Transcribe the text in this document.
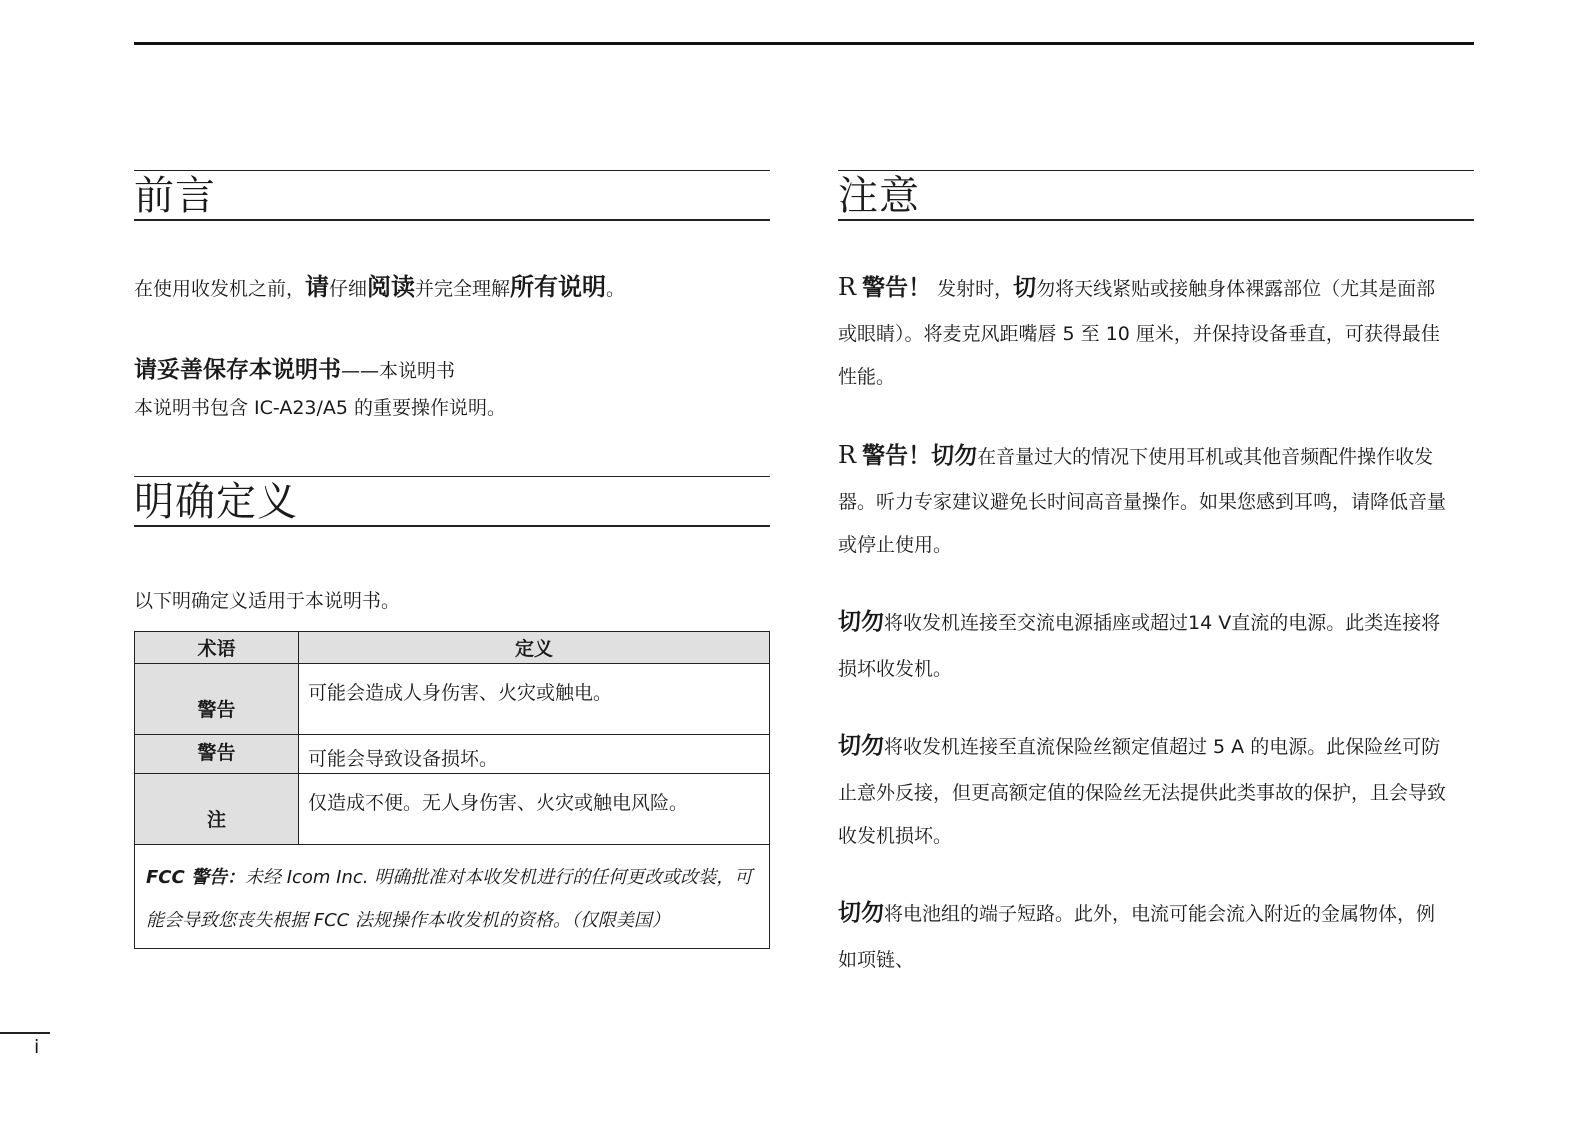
前言

在使用收发机之前，请仔细阅读并完全理解所有说明。

请妥善保存本说明书——本说明书

本说明书包含 IC-A23/A5 的重要操作说明。

明确定义

以下明确定义适用于本说明书。

术语	定义
警告	可能会造成人身伤害、火灾或触电。
警告	可能会导致设备损坏。
注	仅造成不便。无人身伤害、火灾或触电风险。
FCC 警告：未经 Icom Inc. 明确批准对本收发机进行的任何更改或改装，可
能会导致您丧失根据 FCC 法规操作本收发机的资格。（仅限美国）
注意
R 警告！ 发射时，切勿将天线紧贴或接触身体裸露部位（尤其是面部
或眼睛）。将麦克风距嘴唇 5 至 10 厘米，并保持设备垂直，可获得最佳
性能。
R 警告！切勿在音量过大的情况下使用耳机或其他音频配件操作收发
器。听力专家建议避免长时间高音量操作。如果您感到耳鸣，请降低音量
或停止使用。
切勿将收发机连接至交流电源插座或超过14 V直流的电源。此类连接将
损坏收发机。
切勿将收发机连接至直流保险丝额定值超过 5 A 的电源。此保险丝可防
止意外反接，但更高额定值的保险丝无法提供此类事故的保护，且会导致
收发机损坏。
切勿将电池组的端子短路。此外，电流可能会流入附近的金属物体，例
如项链、
i
